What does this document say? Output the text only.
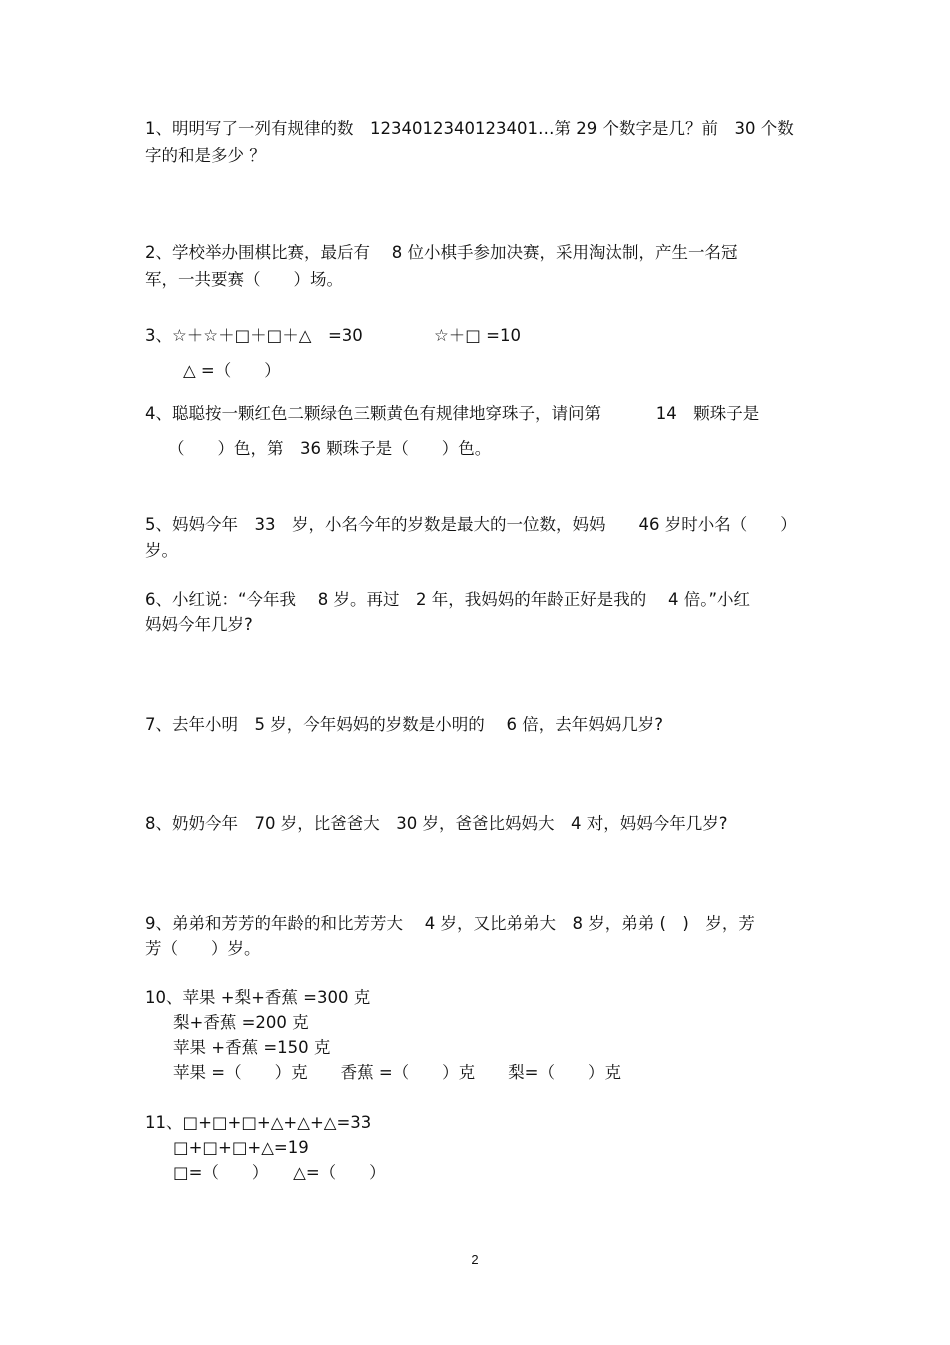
1、明明写了一列有规律的数　1234012340123401…第 29 个数字是几？前　30 个数

字的和是多少 ？

2、学校举办围棋比赛，最后有　 8 位小棋手参加决赛，采用淘汰制，产生一名冠

军，一共要赛（　　）场。

3、☆＋☆＋□＋□＋△　=30　　　　 ☆＋□ =10

△ =（　　）

4、聪聪按一颗红色二颗绿色三颗黄色有规律地穿珠子，请问第　　　 14　颗珠子是

（　　）色，第　36 颗珠子是（　　）色。

5、妈妈今年　33　岁，小名今年的岁数是最大的一位数，妈妈　　46 岁时小名（　　）

岁。

6、小红说：“今年我　 8 岁。再过　2 年，我妈妈的年龄正好是我的　 4 倍。”小红

妈妈今年几岁?

7、去年小明　5 岁，今年妈妈的岁数是小明的　 6 倍，去年妈妈几岁?

8、奶奶今年　70 岁，比爸爸大　30 岁，爸爸比妈妈大　4 对，妈妈今年几岁?

9、弟弟和芳芳的年龄的和比芳芳大　 4 岁，又比弟弟大　8 岁，弟弟 (　)　岁，芳

芳（　　）岁。

10、苹果 +梨+香蕉 =300 克

梨+香蕉 =200 克

苹果 +香蕉 =150 克

苹果 =（　　）克　　香蕉 =（　　）克　　梨=（　　）克

11、□+□+□+△+△+△=33

□+□+□+△=19

□=（　　）　　△=（　　）

2
